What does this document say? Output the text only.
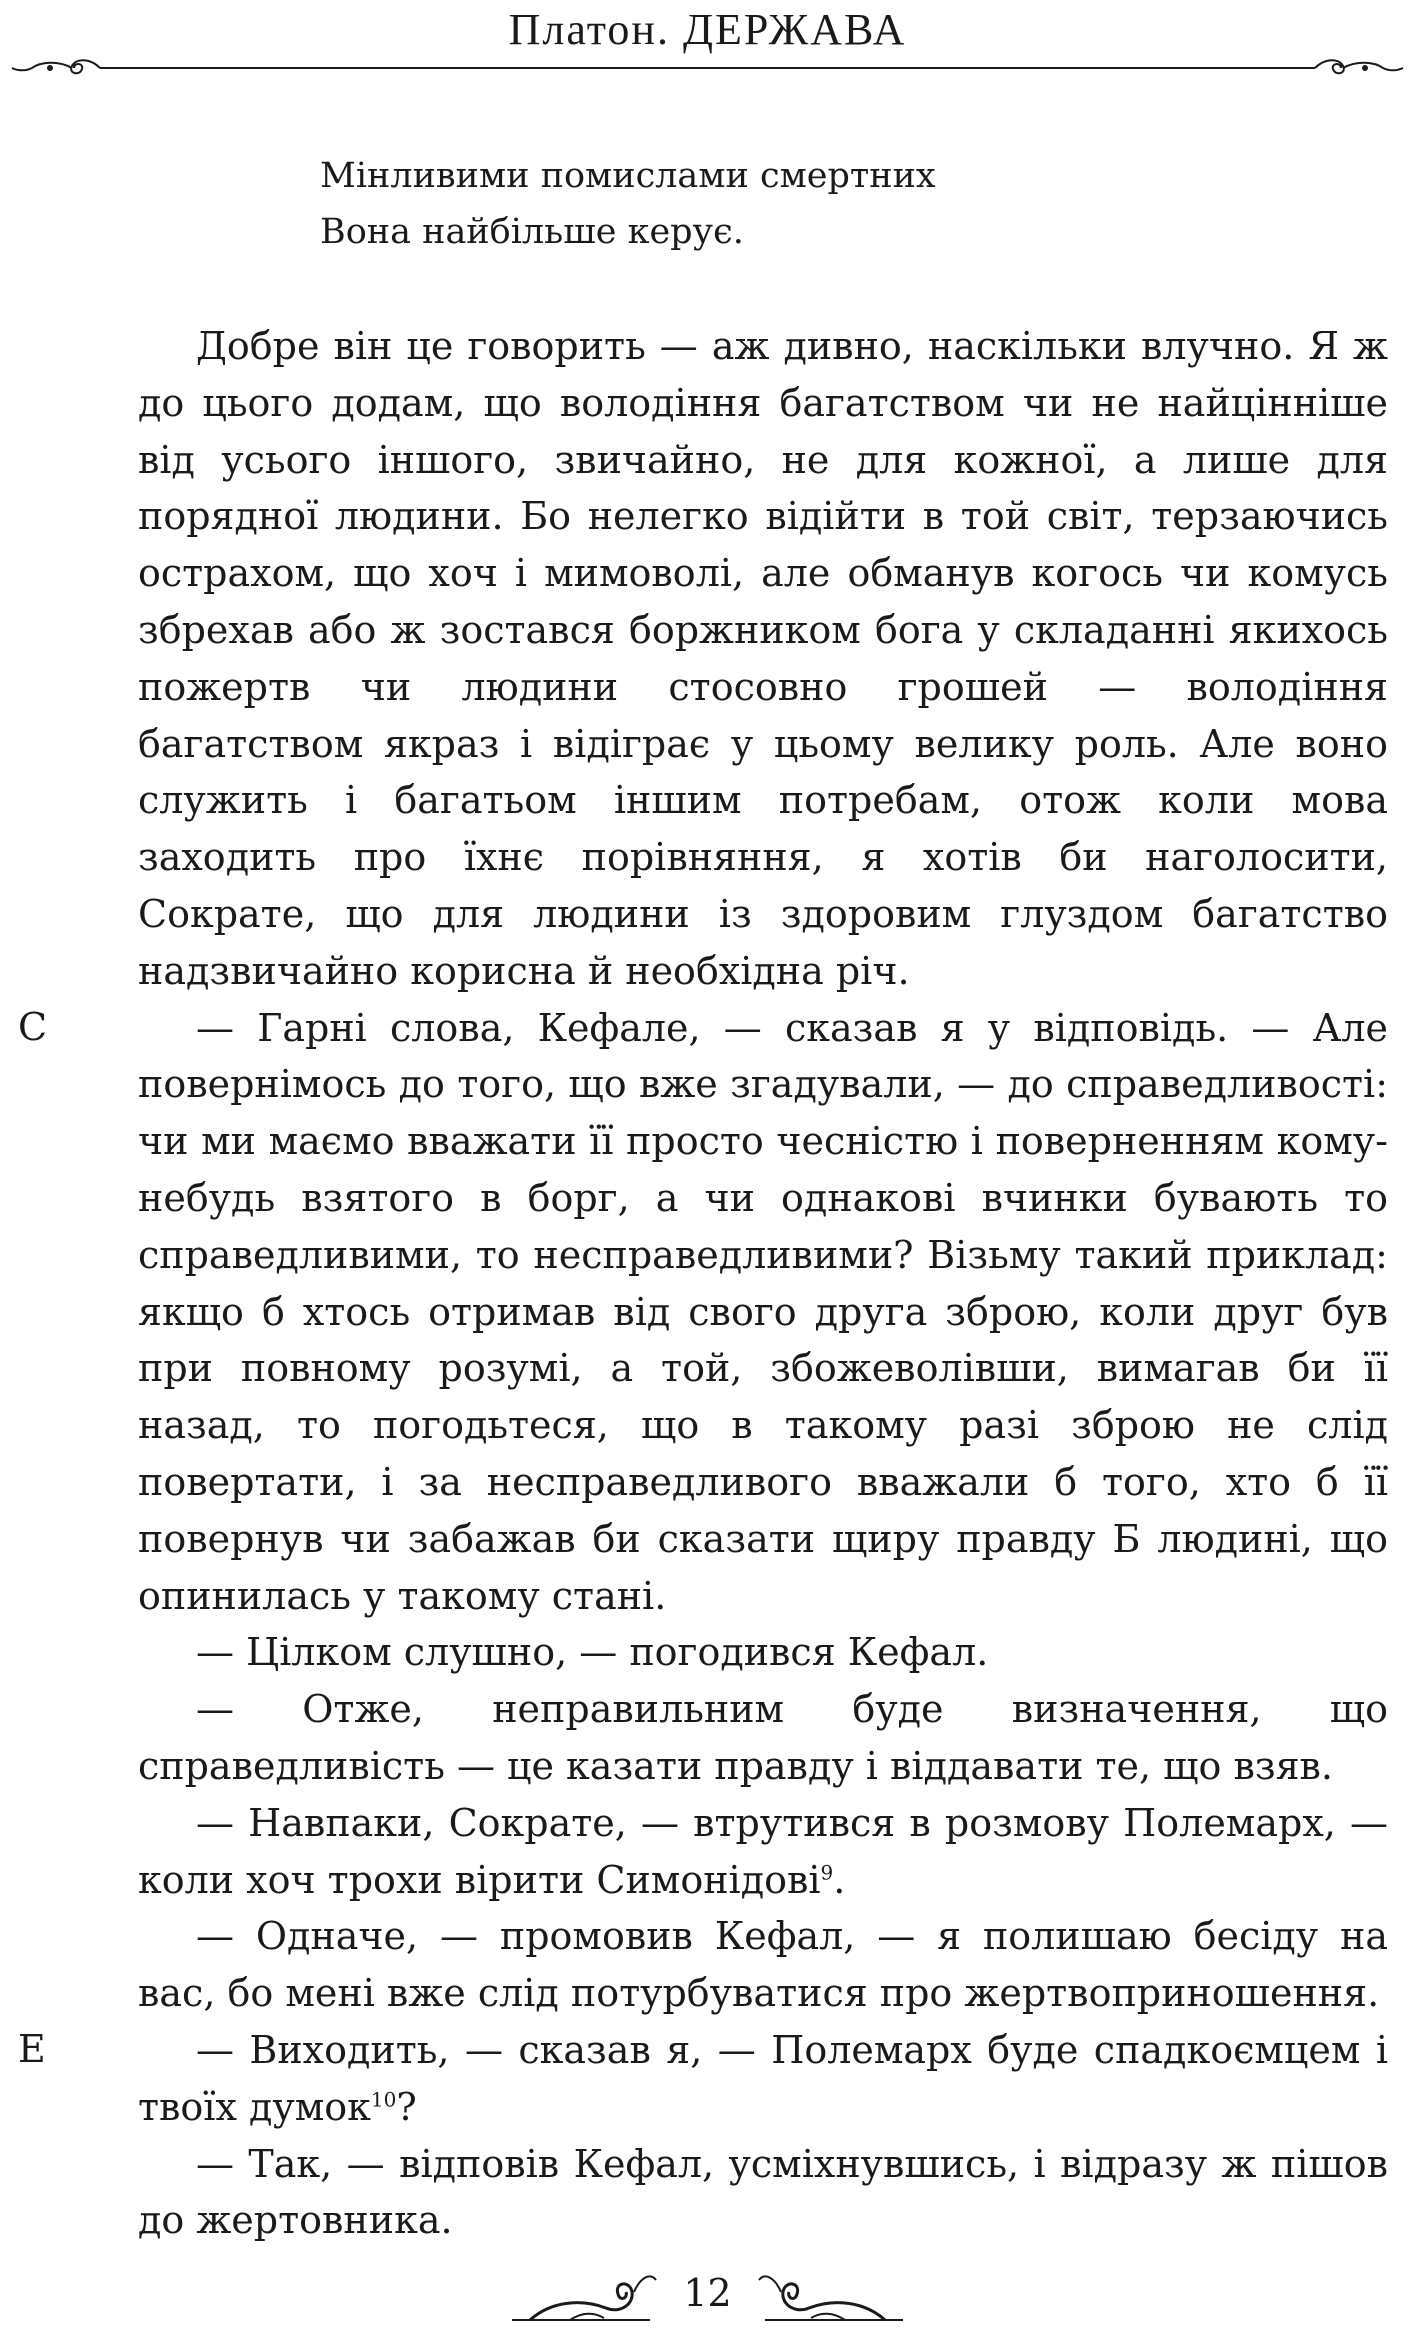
Платон. ДЕРЖАВА
Мінливими помислами смертних
Вона найбільше керує.
C
E

Добре він це говорить — аж дивно, наскільки влучно. Я ж до цього додам, що володіння багатством чи не найцінніше від усього іншого, звичайно, не для кожної, а лише для порядної людини. Бо нелегко відійти в той світ, терзаючись острахом, що хоч і мимоволі, але обманув когось чи комусь збрехав або ж зостався боржником бога у складанні якихось пожертв чи людини стосовно грошей — володіння багатством якраз і відіграє у цьому велику роль. Але воно служить і багатьом іншим потребам, отож коли мова заходить про їхнє порівняння, я хотів би наголосити, Сократе, що для людини із здоровим глуздом багатство надзвичайно корисна й необхідна річ.

— Гарні слова, Кефале, — сказав я у відповідь. — Але повернімось до того, що вже згадували, — до справедливості: чи ми маємо вважати її просто чесністю і поверненням кому-небудь взятого в борг, а чи однакові вчинки бувають то справедливими, то несправедливими? Візьму такий приклад: якщо б хтось отримав від свого друга зброю, коли друг був при повному розумі, а той, збожеволівши, вимагав би її назад, то погодьтеся, що в такому разі зброю не слід повертати, і за несправедливого вважали б того, хто б її повернув чи забажав би сказати щиру правду Б людині, що опинилась у такому стані.

— Цілком слушно, — погодився Кефал.

— Отже, неправильним буде визначення, що справедливість — це казати правду і віддавати те, що взяв.

— Навпаки, Сократе, — втрутився в розмову Полемарх, — коли хоч трохи вірити Симонідові$^9$.

— Одначе, — промовив Кефал, — я полишаю бесіду на вас, бо мені вже слід потурбуватися про жертвоприношення.

— Виходить, — сказав я, — Полемарх буде спадкоємцем і твоїх думок$^{10}$?

— Так, — відповів Кефал, усміхнувшись, і відразу ж пішов до жертовника.

12
